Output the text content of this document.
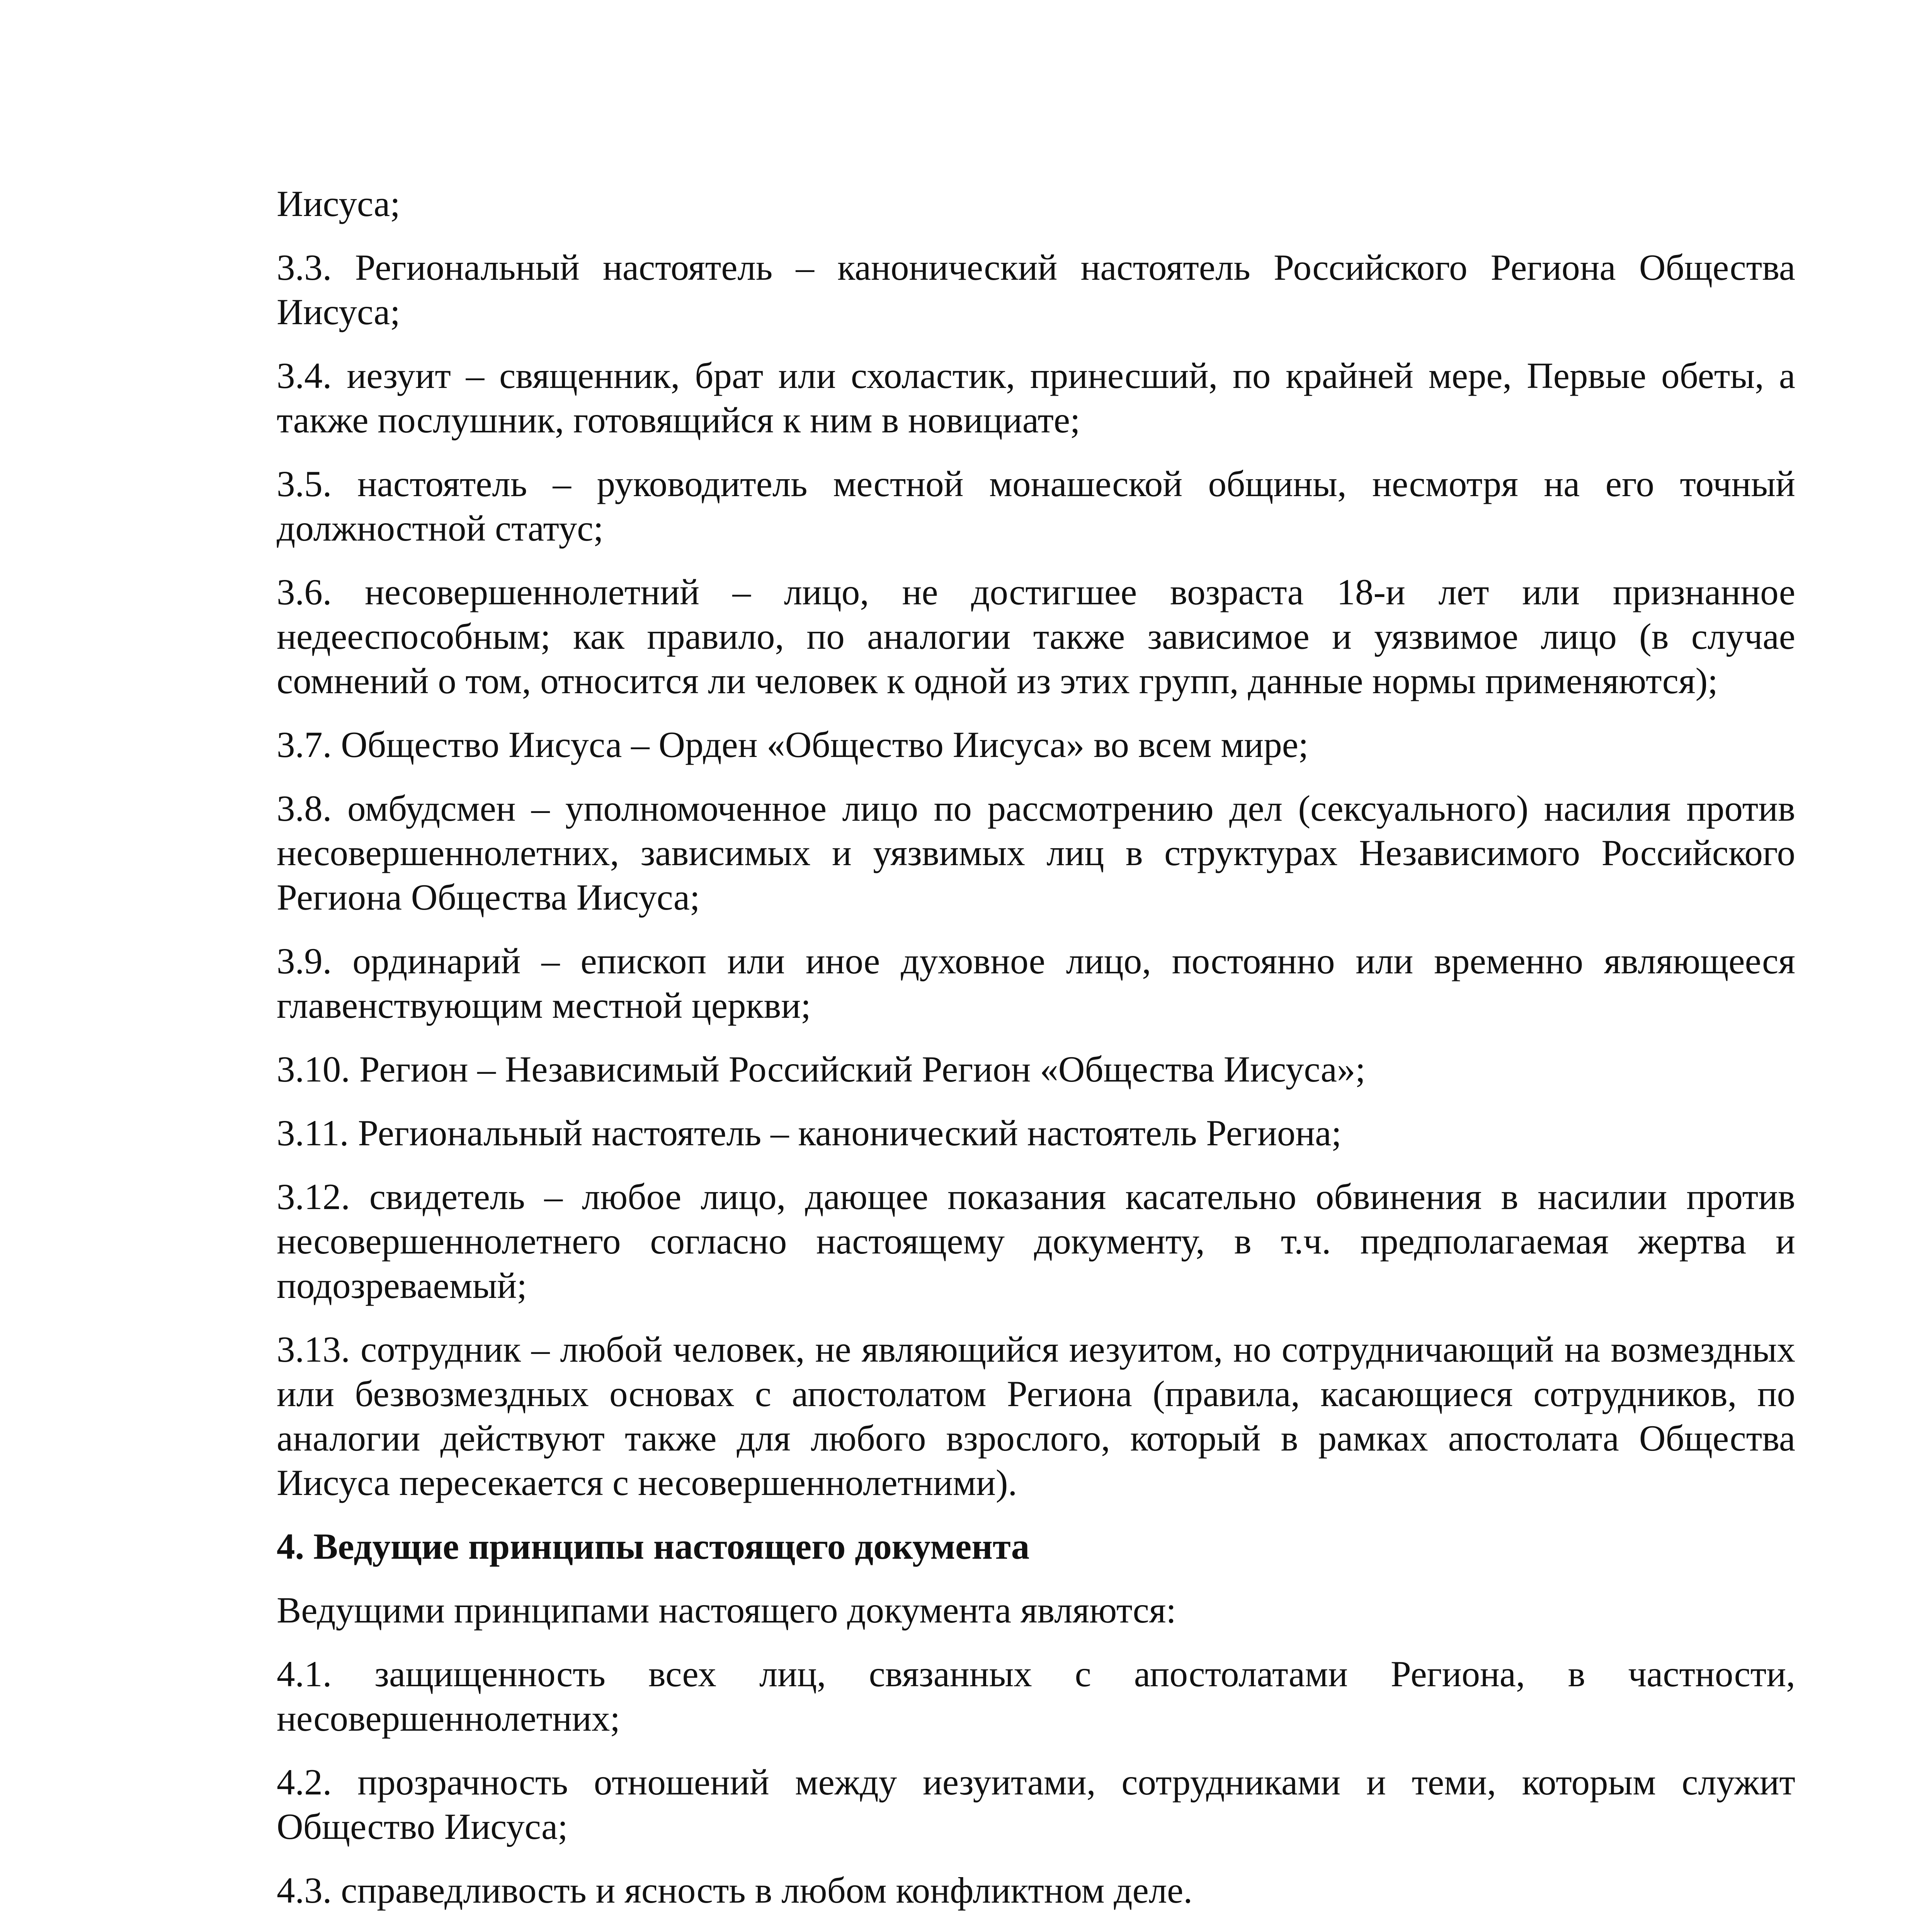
Иисуса;

3.3. Региональный настоятель – канонический настоятель Российского Региона Общества Иисуса;

3.4. иезуит – священник, брат или схоластик, принесший, по крайней мере, Первые обеты, а также послушник, готовящийся к ним в новициате;

3.5. настоятель – руководитель местной монашеской общины, несмотря на его точный должностной статус;

3.6. несовершеннолетний – лицо, не достигшее возраста 18-и лет или признанное недееспособным; как правило, по аналогии также зависимое и уязвимое лицо (в случае сомнений о том, относится ли человек к одной из этих групп, данные нормы применяются);

3.7. Общество Иисуса – Орден «Общество Иисуса» во всем мире;

3.8. омбудсмен – уполномоченное лицо по рассмотрению дел (сексуального) насилия против несовершеннолетних, зависимых и уязвимых лиц в структурах Независимого Российского Региона Общества Иисуса;

3.9. ординарий – епископ или иное духовное лицо, постоянно или временно являющееся главенствующим местной церкви;

3.10. Регион – Независимый Российский Регион «Общества Иисуса»;

3.11. Региональный настоятель – канонический настоятель Региона;

3.12. свидетель – любое лицо, дающее показания касательно обвинения в насилии против несовершеннолетнего согласно настоящему документу, в т.ч. предполагаемая жертва и подозреваемый;

3.13. сотрудник – любой человек, не являющийся иезуитом, но сотрудничающий на возмездных или безвозмездных основах с апостолатом Региона (правила, касающиеся сотрудников, по аналогии действуют также для любого взрослого, который в рамках апостолата Общества Иисуса пересекается с несовершеннолетними).

4. Ведущие принципы настоящего документа

Ведущими принципами настоящего документа являются:

4.1. защищенность всех лиц, связанных с апостолатами Региона, в частности, несовершеннолетних;

4.2. прозрачность отношений между иезуитами, сотрудниками и теми, которым служит Общество Иисуса;

4.3. справедливость и ясность в любом конфликтном деле.
